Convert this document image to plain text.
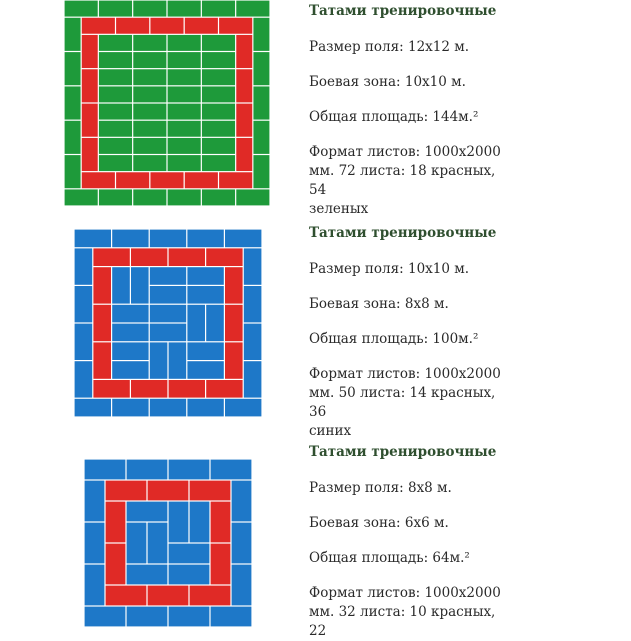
Татами тренировочные

Размер поля: 12х12 м.

Боевая зона: 10х10 м.

Общая площадь: 144м.²

Формат листов: 1000х2000

мм. 72 листа: 18 красных, 54

зеленых

Татами тренировочные

Размер поля: 10х10 м.

Боевая зона: 8х8 м.

Общая площадь: 100м.²

Формат листов: 1000х2000

мм. 50 листа: 14 красных, 36

синих

Татами тренировочные

Размер поля: 8х8 м.

Боевая зона: 6х6 м.

Общая площадь: 64м.²

Формат листов: 1000х2000

мм. 32 листа: 10 красных, 22
